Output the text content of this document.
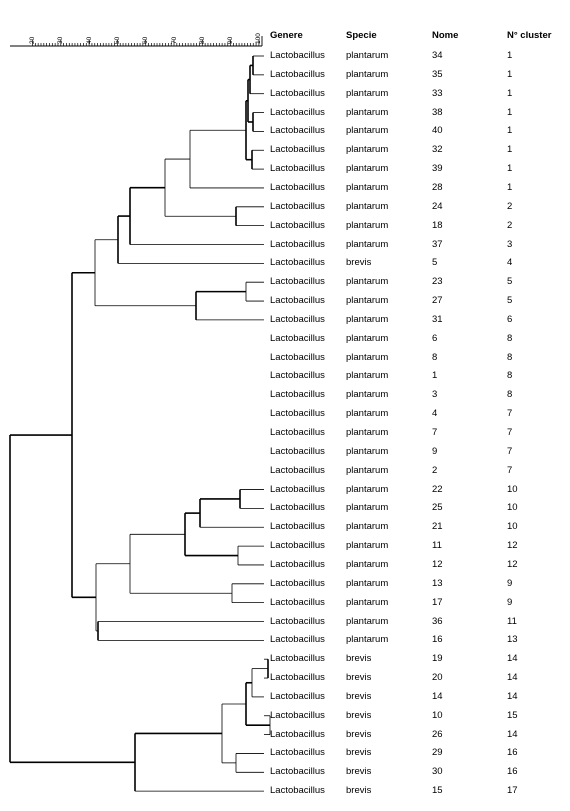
Genere	Specie	Nome	N° cluster
20	30	40	50	60	70	80	90	100
Lactobacillus plantarum	34	1
Lactobacillus plantarum	35	1
Lactobacillus plantarum	33	1
Lactobacillus plantarum	38	1
Lactobacillus plantarum	40	1
Lactobacillus plantarum	32	1
Lactobacillus plantarum	39	1
Lactobacillus plantarum	28	1
Lactobacillus plantarum	24	2
Lactobacillus plantarum	18	2
Lactobacillus plantarum	37	3
Lactobacillus brevis	5	4
Lactobacillus plantarum	23	5
Lactobacillus plantarum	27	5
Lactobacillus plantarum	31	6
Lactobacillus plantarum	6	8
Lactobacillus plantarum	8	8
Lactobacillus plantarum	1	8
Lactobacillus plantarum	3	8
Lactobacillus plantarum	4	7
Lactobacillus plantarum	7	7
Lactobacillus plantarum	9	7
Lactobacillus plantarum	2	7
Lactobacillus plantarum	22	10
Lactobacillus plantarum	25	10
Lactobacillus plantarum	21	10
Lactobacillus plantarum	11	12
Lactobacillus plantarum	12	12
Lactobacillus plantarum	13	9
Lactobacillus plantarum	17	9
Lactobacillus plantarum	36	11
Lactobacillus plantarum	16	13
Lactobacillus brevis	19	14
Lactobacillus brevis	20	14
Lactobacillus brevis	14	14
Lactobacillus brevis	10	15
Lactobacillus brevis	26	14
Lactobacillus brevis	29	16
Lactobacillus brevis	30	16
Lactobacillus brevis	15	17
